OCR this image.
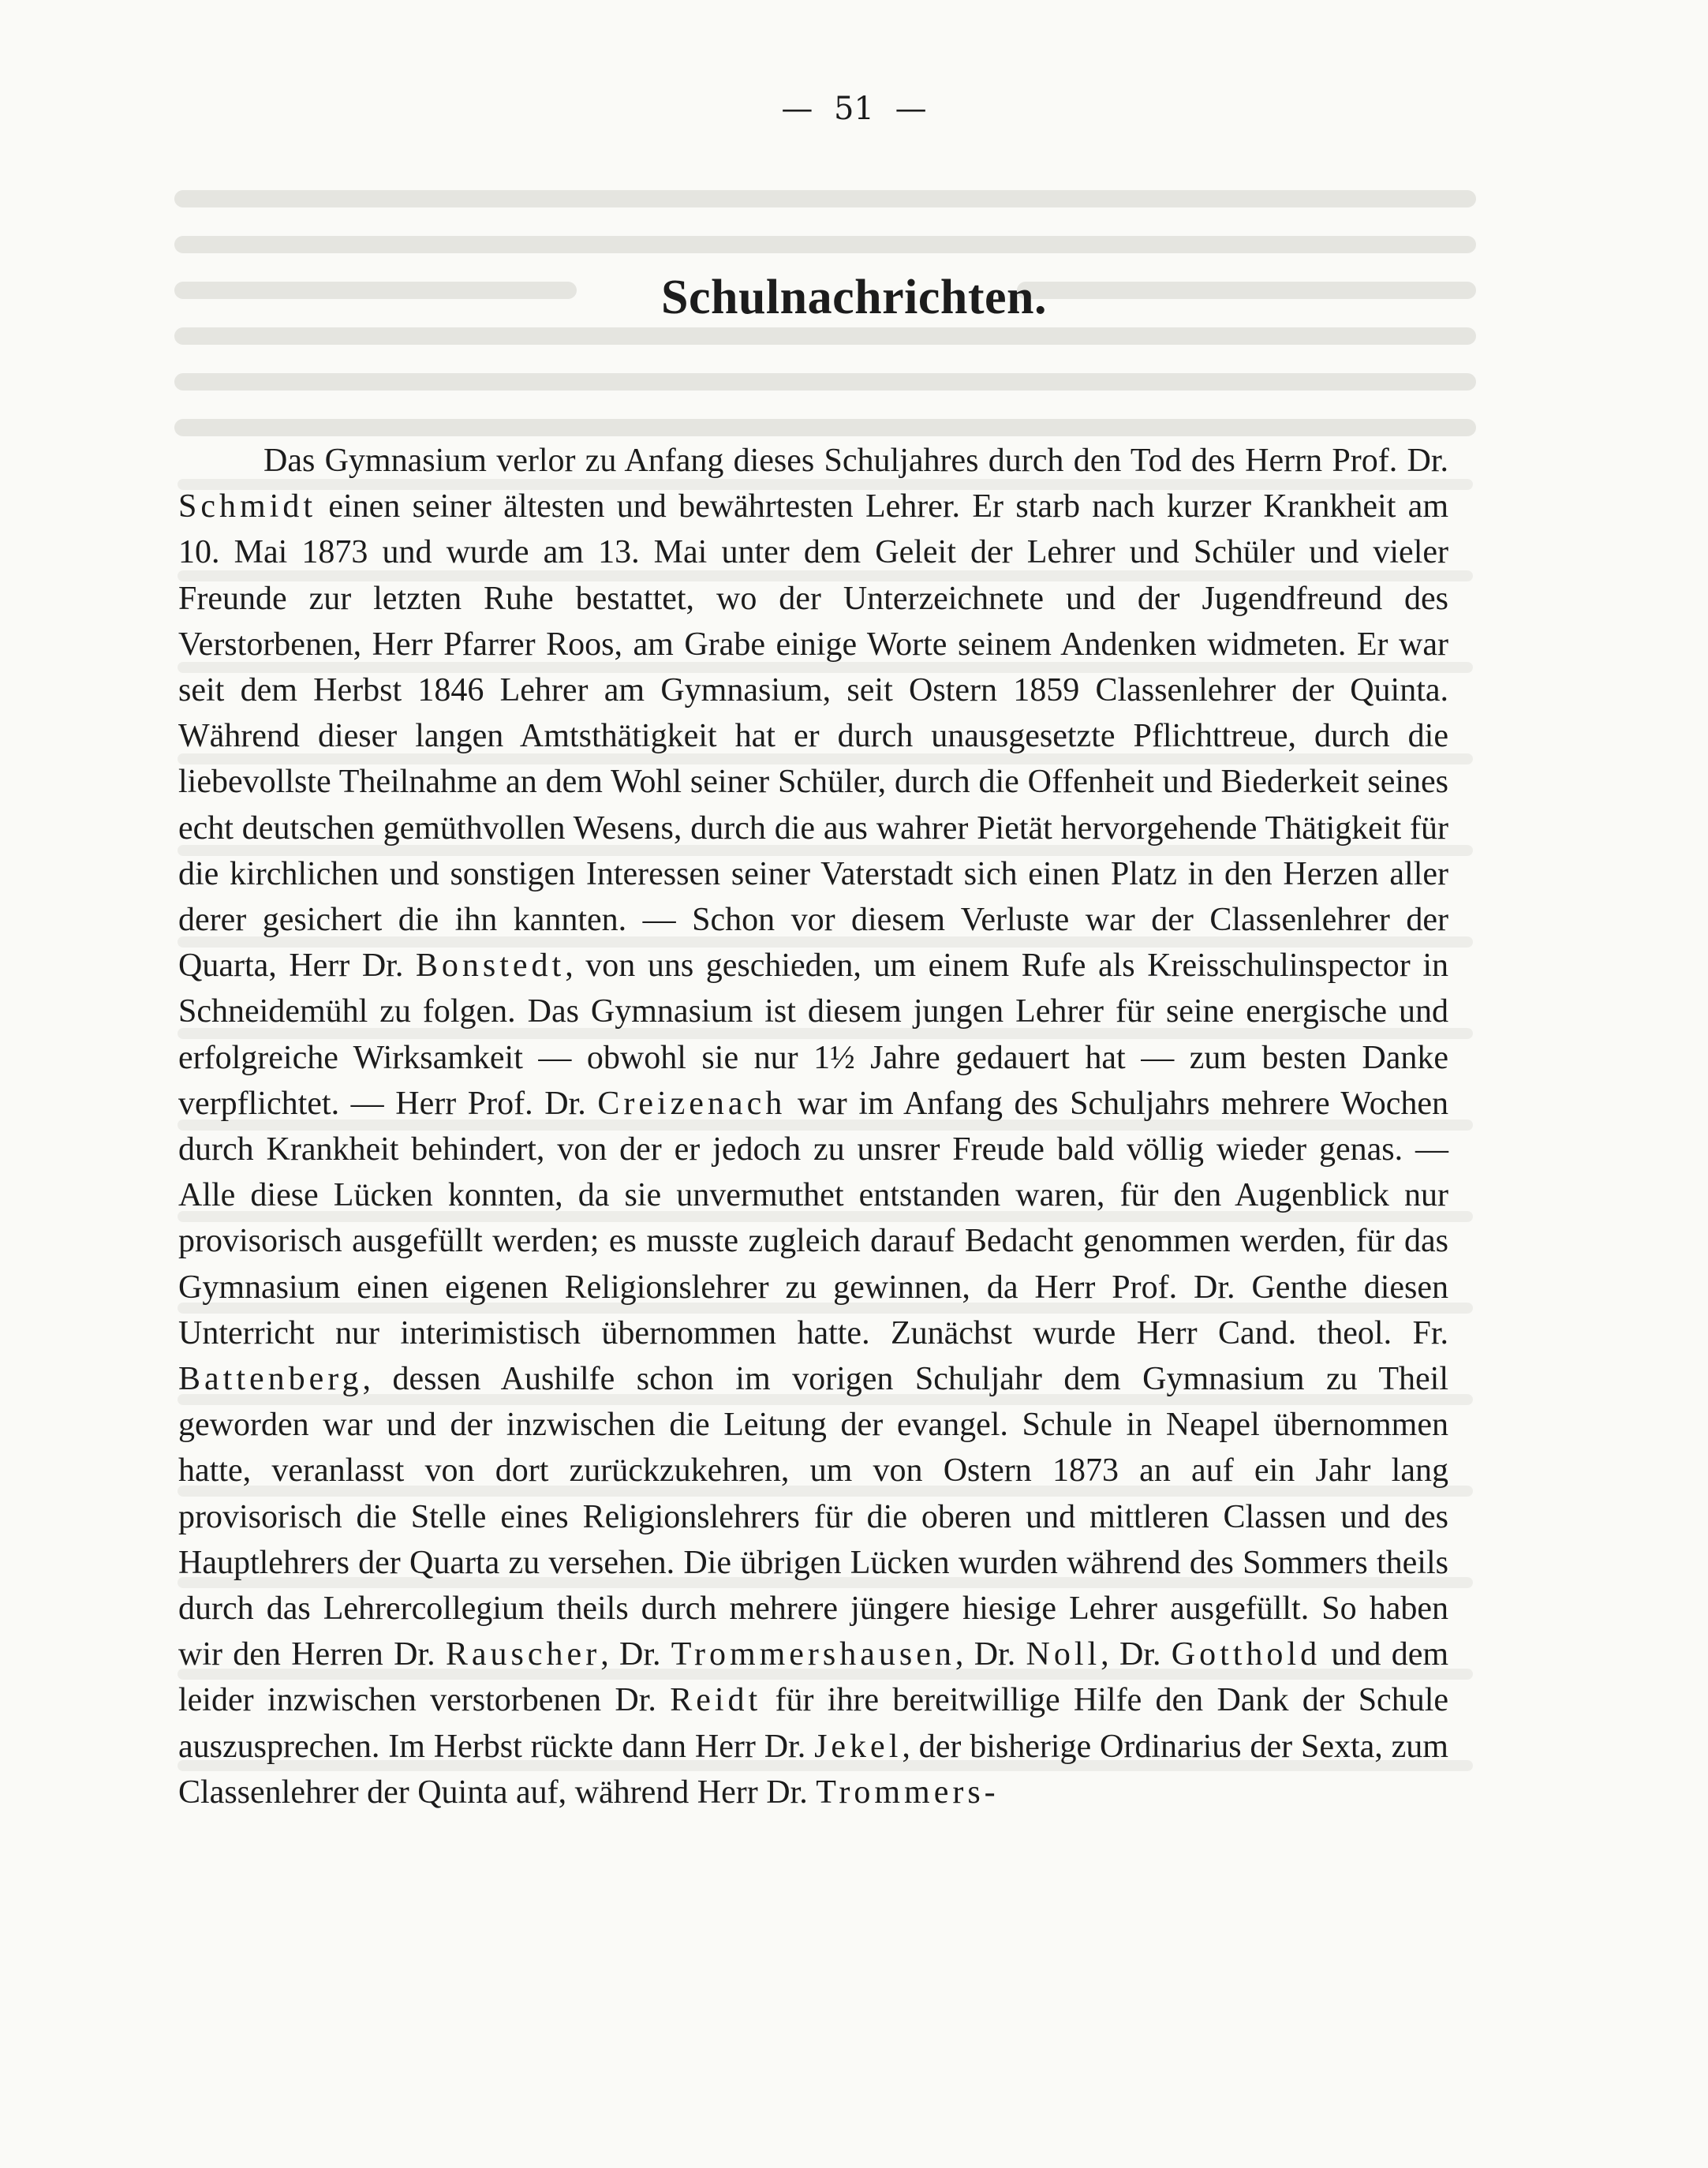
— 51 —
Schulnachrichten.

Das Gymnasium verlor zu Anfang dieses Schuljahres durch den Tod des Herrn Prof. Dr. Schmidt einen seiner ältesten und bewährtesten Lehrer. Er starb nach kurzer Krankheit am 10. Mai 1873 und wurde am 13. Mai unter dem Geleit der Lehrer und Schüler und vieler Freunde zur letzten Ruhe bestattet, wo der Unterzeichnete und der Jugendfreund des Verstorbenen, Herr Pfarrer Roos, am Grabe einige Worte seinem Andenken widmeten. Er war seit dem Herbst 1846 Lehrer am Gymnasium, seit Ostern 1859 Classenlehrer der Quinta. Während dieser langen Amtsthätigkeit hat er durch unausgesetzte Pflichttreue, durch die liebevollste Theilnahme an dem Wohl seiner Schüler, durch die Offenheit und Biederkeit seines echt deutschen gemüthvollen Wesens, durch die aus wahrer Pietät hervorgehende Thätigkeit für die kirchlichen und sonstigen Interessen seiner Vaterstadt sich einen Platz in den Herzen aller derer gesichert die ihn kannten. — Schon vor diesem Verluste war der Classenlehrer der Quarta, Herr Dr. Bonstedt, von uns geschieden, um einem Rufe als Kreisschulinspector in Schneidemühl zu folgen. Das Gymnasium ist diesem jungen Lehrer für seine energische und erfolgreiche Wirksamkeit — obwohl sie nur 1½ Jahre gedauert hat — zum besten Danke verpflichtet. — Herr Prof. Dr. Creizenach war im Anfang des Schuljahrs mehrere Wochen durch Krankheit behindert, von der er jedoch zu unsrer Freude bald völlig wieder genas. — Alle diese Lücken konnten, da sie unvermuthet entstanden waren, für den Augenblick nur provisorisch ausgefüllt werden; es musste zugleich darauf Bedacht genommen werden, für das Gymnasium einen eigenen Religionslehrer zu gewinnen, da Herr Prof. Dr. Genthe diesen Unterricht nur interimistisch übernommen hatte. Zunächst wurde Herr Cand. theol. Fr. Battenberg, dessen Aushilfe schon im vorigen Schuljahr dem Gymnasium zu Theil geworden war und der inzwischen die Leitung der evangel. Schule in Neapel übernommen hatte, veranlasst von dort zurückzukehren, um von Ostern 1873 an auf ein Jahr lang provisorisch die Stelle eines Religionslehrers für die oberen und mittleren Classen und des Hauptlehrers der Quarta zu versehen. Die übrigen Lücken wurden während des Sommers theils durch das Lehrercollegium theils durch mehrere jüngere hiesige Lehrer ausgefüllt. So haben wir den Herren Dr. Rauscher, Dr. Trommershausen, Dr. Noll, Dr. Gotthold und dem leider inzwischen verstorbenen Dr. Reidt für ihre bereitwillige Hilfe den Dank der Schule auszusprechen. Im Herbst rückte dann Herr Dr. Jekel, der bisherige Ordinarius der Sexta, zum Classenlehrer der Quinta auf, während Herr Dr. Trommers-
